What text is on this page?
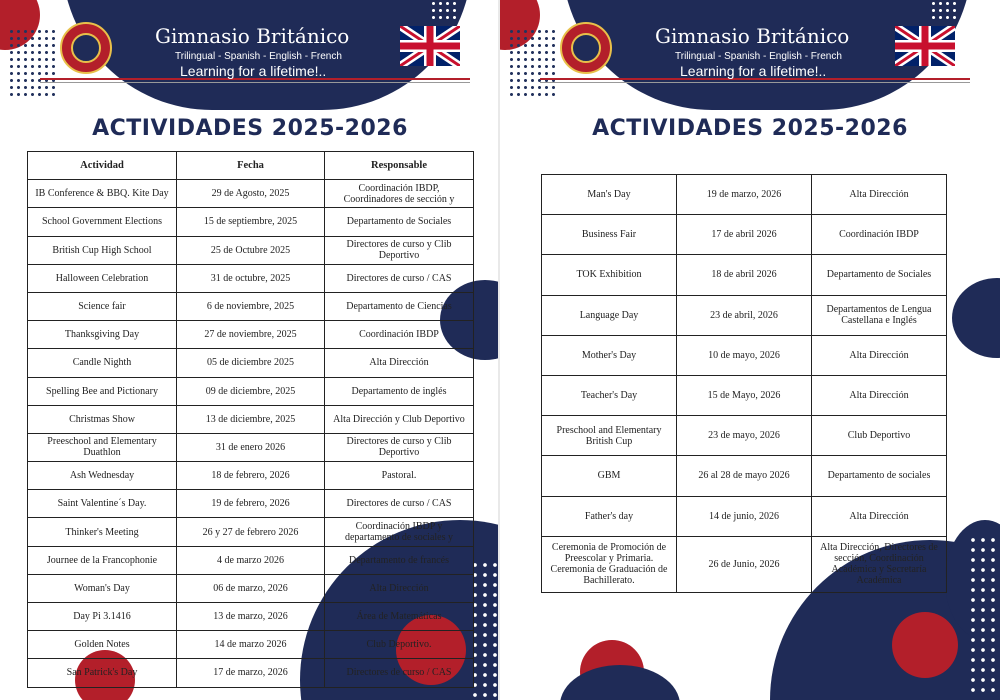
Gimnasio Británico
Trilingual - Spanish - English - French
Learning for a lifetime!..
ACTIVIDADES 2025-2026
Actividad	Fecha	Responsable
IB Conference & BBQ. Kite Day	29 de Agosto, 2025	Coordinación IBDP, Coordinadores de sección y
School Government Elections	15 de septiembre, 2025	Departamento de Sociales
British Cup High School	25 de Octubre 2025	Directores de curso y Clib Deportivo
Halloween Celebration	31 de octubre, 2025	Directores de curso / CAS
Science fair	6 de noviembre, 2025	Departamento de Ciencias
Thanksgiving Day	27 de noviembre, 2025	Coordinación IBDP
Candle Nighth	05 de diciembre 2025	Alta Dirección
Spelling Bee and Pictionary	09 de diciembre, 2025	Departamento de inglés
Christmas Show	13 de diciembre, 2025	Alta Dirección y Club Deportivo
Preeschool and Elementary Duathlon	31 de enero 2026	Directores de curso y Clib Deportivo
Ash Wednesday	18 de febrero, 2026	Pastoral.
Saint Valentine´s Day.	19 de febrero, 2026	Directores de curso / CAS
Thinker's Meeting	26 y 27 de febrero 2026	Coordinación IBDP y departamento de sociales y
Journee de la Francophonie	4 de marzo 2026	Departamento de francés
Woman's Day	06 de marzo, 2026	Alta Dirección
Day Pi 3.1416	13 de marzo, 2026	Área de Matemáticas
Golden Notes	14 de marzo 2026	Club Deportivo.
San Patrick's Day	17 de marzo, 2026	Directores de curso / CAS
Gimnasio Británico
Trilingual - Spanish - English - French
Learning for a lifetime!..
ACTIVIDADES 2025-2026
Man's Day	19 de marzo, 2026	Alta Dirección
Business Fair	17 de abril 2026	Coordinación IBDP
TOK Exhibition	18 de abril 2026	Departamento de Sociales
Language Day	23 de abril, 2026	Departamentos de Lengua Castellana e Inglés
Mother's Day	10 de mayo, 2026	Alta Dirección
Teacher's Day	15 de Mayo, 2026	Alta Dirección
Preschool and Elementary British Cup	23 de mayo, 2026	Club Deportivo
GBM	26 al 28 de mayo 2026	Departamento de sociales
Father's day	14 de junio, 2026	Alta Dirección
Ceremonia de Promoción de Preescolar y Primaria. Ceremonia de Graduación de Bachillerato.	26 de Junio, 2026	Alta Dirección, Directores de sección, Coordinación Académica y Secretaría Académica
